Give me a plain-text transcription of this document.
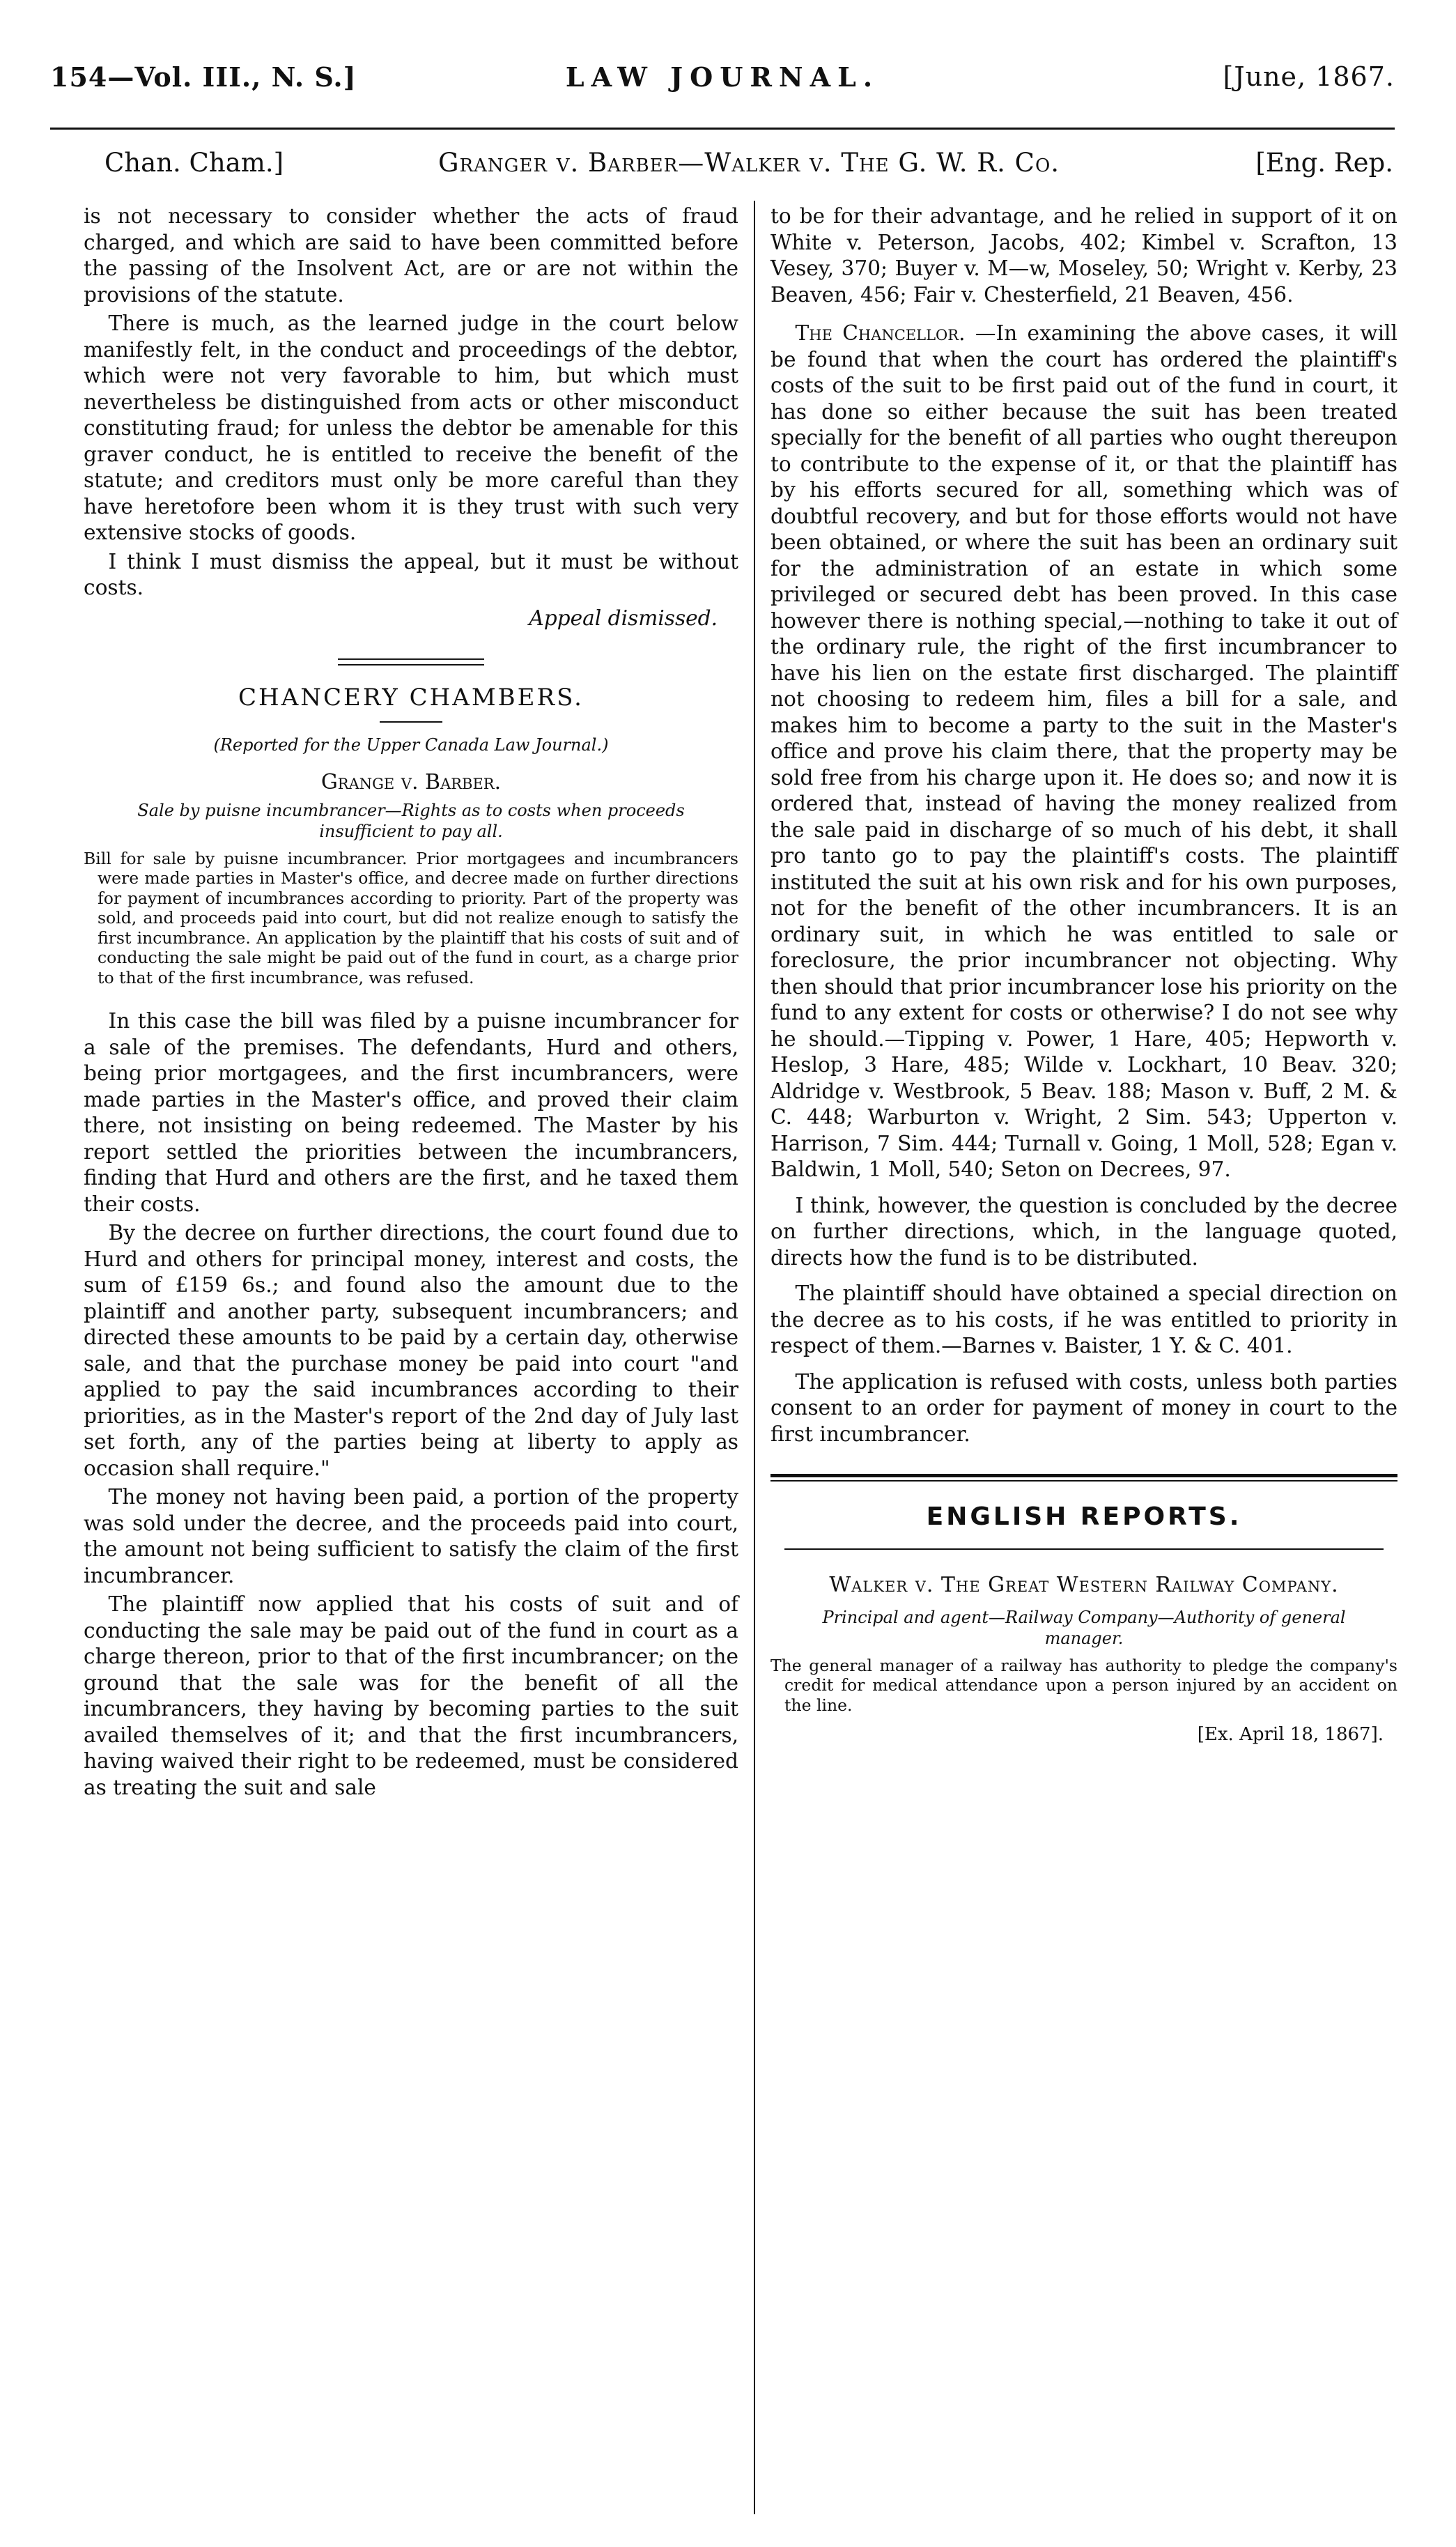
154—Vol. III., N. S.]	LAW JOURNAL.	[June, 1867.
Chan. Cham.]	Granger v. Barber—Walker v. The G. W. R. Co.	[Eng. Rep.

is not necessary to consider whether the acts of fraud charged, and which are said to have been committed before the passing of the Insolvent Act, are or are not within the provisions of the statute.

There is much, as the learned judge in the court below manifestly felt, in the conduct and proceedings of the debtor, which were not very favorable to him, but which must nevertheless be distinguished from acts or other misconduct constituting fraud; for unless the debtor be amenable for this graver conduct, he is entitled to receive the benefit of the statute; and creditors must only be more careful than they have heretofore been whom it is they trust with such very extensive stocks of goods.

I think I must dismiss the appeal, but it must be without costs.

Appeal dismissed.
CHANCERY CHAMBERS.
(Reported for the Upper Canada Law Journal.)
Grange v. Barber.
Sale by puisne incumbrancer—Rights as to costs when proceeds insufficient to pay all.
Bill for sale by puisne incumbrancer. Prior mortgagees and incumbrancers were made parties in Master's office, and decree made on further directions for payment of incumbrances according to priority. Part of the property was sold, and proceeds paid into court, but did not realize enough to satisfy the first incumbrance. An application by the plaintiff that his costs of suit and of conducting the sale might be paid out of the fund in court, as a charge prior to that of the first incumbrance, was refused.

In this case the bill was filed by a puisne incumbrancer for a sale of the premises. The defendants, Hurd and others, being prior mortgagees, and the first incumbrancers, were made parties in the Master's office, and proved their claim there, not insisting on being redeemed. The Master by his report settled the priorities between the incumbrancers, finding that Hurd and others are the first, and he taxed them their costs.

By the decree on further directions, the court found due to Hurd and others for principal money, interest and costs, the sum of £159 6s.; and found also the amount due to the plaintiff and another party, subsequent incumbrancers; and directed these amounts to be paid by a certain day, otherwise sale, and that the purchase money be paid into court "and applied to pay the said incumbrances according to their priorities, as in the Master's report of the 2nd day of July last set forth, any of the parties being at liberty to apply as occasion shall require."

The money not having been paid, a portion of the property was sold under the decree, and the proceeds paid into court, the amount not being sufficient to satisfy the claim of the first incumbrancer.

The plaintiff now applied that his costs of suit and of conducting the sale may be paid out of the fund in court as a charge thereon, prior to that of the first incumbrancer; on the ground that the sale was for the benefit of all the incumbrancers, they having by becoming parties to the suit availed themselves of it; and that the first incumbrancers, having waived their right to be redeemed, must be considered as treating the suit and sale

to be for their advantage, and he relied in support of it on White v. Peterson, Jacobs, 402; Kimbel v. Scrafton, 13 Vesey, 370; Buyer v. M—w, Moseley, 50; Wright v. Kerby, 23 Beaven, 456; Fair v. Chesterfield, 21 Beaven, 456.

The Chancellor. —In examining the above cases, it will be found that when the court has ordered the plaintiff's costs of the suit to be first paid out of the fund in court, it has done so either because the suit has been treated specially for the benefit of all parties who ought thereupon to contribute to the expense of it, or that the plaintiff has by his efforts secured for all, something which was of doubtful recovery, and but for those efforts would not have been obtained, or where the suit has been an ordinary suit for the administration of an estate in which some privileged or secured debt has been proved. In this case however there is nothing special,—nothing to take it out of the ordinary rule, the right of the first incumbrancer to have his lien on the estate first discharged. The plaintiff not choosing to redeem him, files a bill for a sale, and makes him to become a party to the suit in the Master's office and prove his claim there, that the property may be sold free from his charge upon it. He does so; and now it is ordered that, instead of having the money realized from the sale paid in discharge of so much of his debt, it shall pro tanto go to pay the plaintiff's costs. The plaintiff instituted the suit at his own risk and for his own purposes, not for the benefit of the other incumbrancers. It is an ordinary suit, in which he was entitled to sale or foreclosure, the prior incumbrancer not objecting. Why then should that prior incumbrancer lose his priority on the fund to any extent for costs or otherwise? I do not see why he should.—Tipping v. Power, 1 Hare, 405; Hepworth v. Heslop, 3 Hare, 485; Wilde v. Lockhart, 10 Beav. 320; Aldridge v. Westbrook, 5 Beav. 188; Mason v. Buff, 2 M. & C. 448; Warburton v. Wright, 2 Sim. 543; Upperton v. Harrison, 7 Sim. 444; Turnall v. Going, 1 Moll, 528; Egan v. Baldwin, 1 Moll, 540; Seton on Decrees, 97.

I think, however, the question is concluded by the decree on further directions, which, in the language quoted, directs how the fund is to be distributed.

The plaintiff should have obtained a special direction on the decree as to his costs, if he was entitled to priority in respect of them.—Barnes v. Baister, 1 Y. & C. 401.

The application is refused with costs, unless both parties consent to an order for payment of money in court to the first incumbrancer.

ENGLISH REPORTS.
Walker v. The Great Western Railway Company.
Principal and agent—Railway Company—Authority of general manager.
The general manager of a railway has authority to pledge the company's credit for medical attendance upon a person injured by an accident on the line.
[Ex. April 18, 1867].
